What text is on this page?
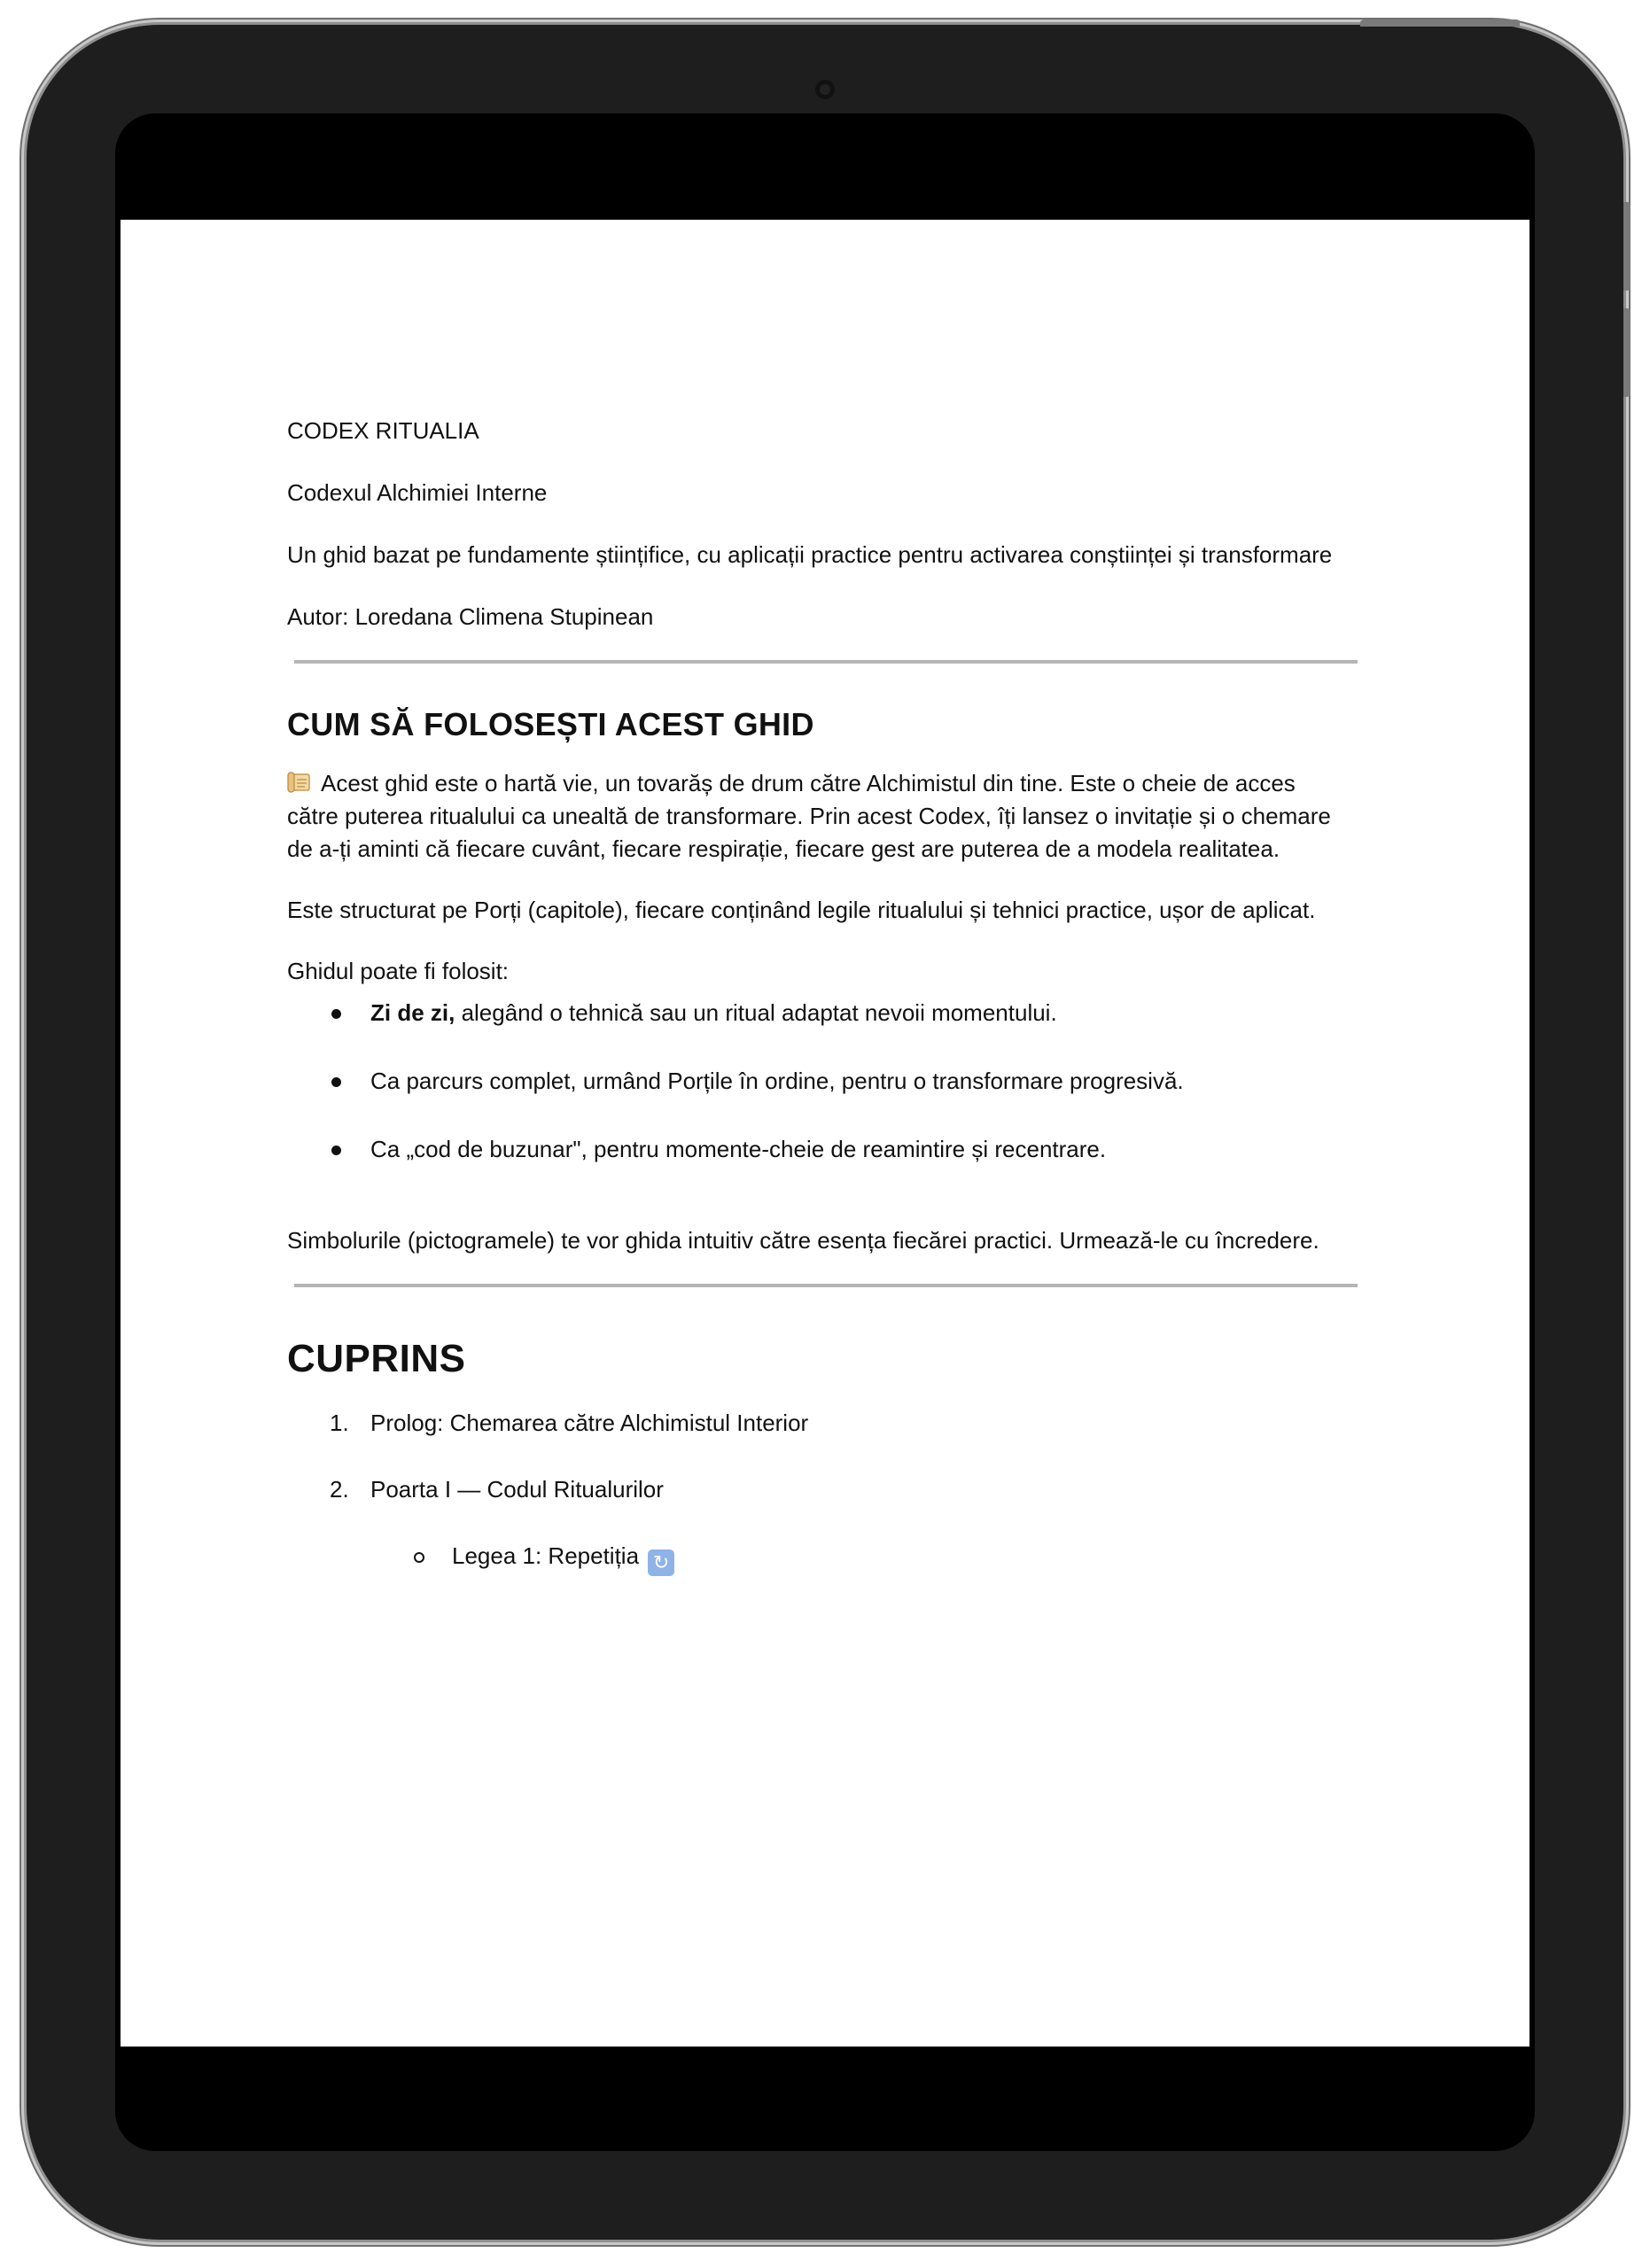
CODEX RITUALIA

Codexul Alchimiei Interne

Un ghid bazat pe fundamente științifice, cu aplicații practice pentru activarea conștiinței și transformare

Autor: Loredana Climena Stupinean

CUM SĂ FOLOSEȘTI ACEST GHID

Acest ghid este o hartă vie, un tovarăș de drum către Alchimistul din tine. Este o cheie de acces către puterea ritualului ca unealtă de transformare. Prin acest Codex, îți lansez o invitație și o chemare de a-ți aminti că fiecare cuvânt, fiecare respirație, fiecare gest are puterea de a modela realitatea.

Este structurat pe Porți (capitole), fiecare conținând legile ritualului și tehnici practice, ușor de aplicat.

Ghidul poate fi folosit:

Zi de zi, alegând o tehnică sau un ritual adaptat nevoii momentului.
Ca parcurs complet, urmând Porțile în ordine, pentru o transformare progresivă.
Ca „cod de buzunar", pentru momente-cheie de reamintire și recentrare.

Simbolurile (pictogramele) te vor ghida intuitiv către esența fiecărei practici. Urmează-le cu încredere.

CUPRINS
1. Prolog: Chemarea către Alchimistul Interior
2. Poarta I — Codul Ritualurilor
Legea 1: Repetiția ↻
